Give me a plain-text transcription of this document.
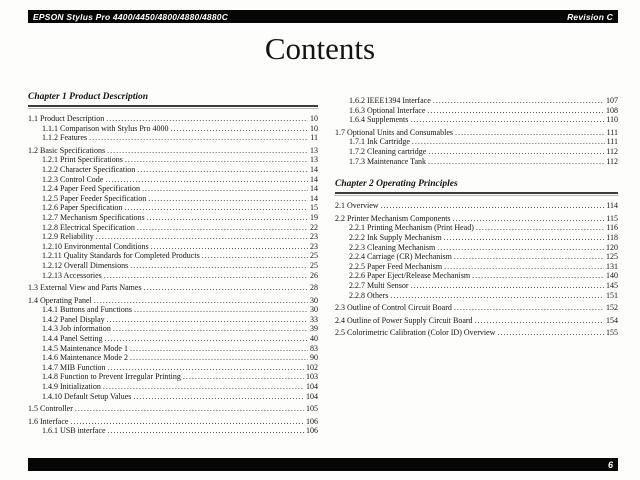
EPSON Stylus Pro 4400/4450/4800/4880/4880C	Revision C
Contents
Chapter 1 Product Description
1.1 Product Description .....	10
1.1.1 Comparison with Stylus Pro 4000 .....	10
1.1.2 Features .....	11
1.2 Basic Specifications .....	13
1.2.1 Print Specifications .....	13
1.2.2 Character Specification .....	14
1.2.3 Control Code .....	14
1.2.4 Paper Feed Specification .....	14
1.2.5 Paper Feeder Specification .....	14
1.2.6 Paper Specification .....	15
1.2.7 Mechanism Specifications .....	19
1.2.8 Electrical Specification .....	22
1.2.9 Reliability .....	23
1.2.10 Environmental Conditions .....	23
1.2.11 Quality Standards for Completed Products .....	25
1.2.12 Overall Dimensions .....	25
1.2.13 Accessories .....	26
1.3 External View and Parts Names .....	28
1.4 Operating Panel .....	30
1.4.1 Buttons and Functions .....	30
1.4.2 Panel Display .....	33
1.4.3 Job information .....	39
1.4.4 Panel Setting .....	40
1.4.5 Maintenance Mode 1 .....	83
1.4.6 Maintenance Mode 2 .....	90
1.4.7 MIB Function .....	102
1.4.8 Function to Prevent Irregular Printing .....	103
1.4.9 Initialization .....	104
1.4.10 Default Setup Values .....	104
1.5 Controller .....	105
1.6 Interface .....	106
1.6.1 USB interface .....	106
1.6.2 IEEE1394 Interface .....	107
1.6.3 Optional Interface .....	108
1.6.4 Supplements .....	110
1.7 Optional Units and Consumables .....	111
1.7.1 Ink Cartridge .....	111
1.7.2 Cleaning cartridge .....	112
1.7.3 Maintenance Tank .....	112
Chapter 2 Operating Principles
2.1 Overview .....	114
2.2 Printer Mechanism Components .....	115
2.2.1 Printing Mechanism (Print Head) .....	116
2.2.2 Ink Supply Mechanism .....	118
2.2.3 Cleaning Mechanism .....	120
2.2.4 Carriage (CR) Mechanism .....	125
2.2.5 Paper Feed Mechanism .....	131
2.2.6 Paper Eject/Release Mechanism .....	140
2.2.7 Multi Sensor .....	145
2.2.8 Others .....	151
2.3 Outline of Control Circuit Board .....	152
2.4 Outline of Power Supply Circuit Board .....	154
2.5 Colorimetric Calibration (Color ID) Overview .....	155
6
